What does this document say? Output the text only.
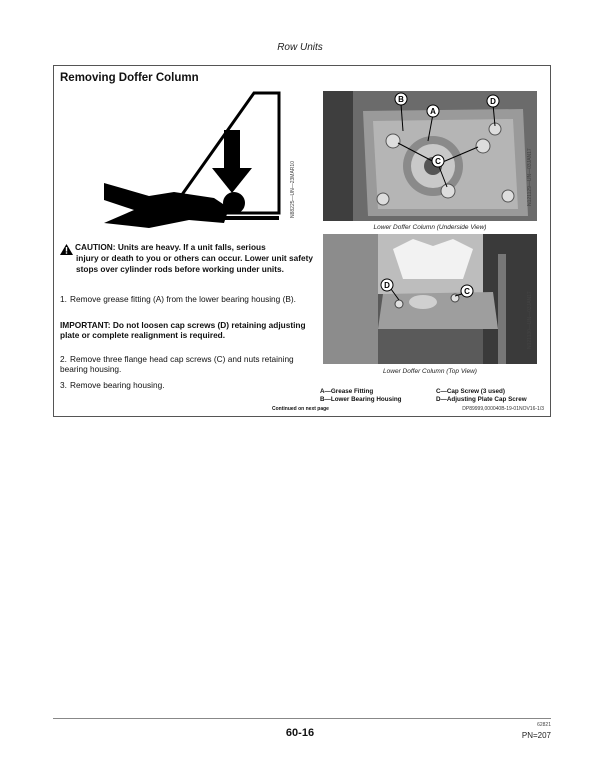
Row Units
Removing Doffer Column
N88225—UN—23MAR10
CAUTION: Units are heavy. If a unit falls, serious
injury or death to you or others can occur. Lower unit safety stops over cylinder rods before working under units.
1. Remove grease fitting (A) from the lower bearing housing (B).
IMPORTANT: Do not loosen cap screws (D) retaining adjusting plate or complete realignment is required.
2. Remove three flange head cap screws (C) and nuts retaining bearing housing.
3. Remove bearing housing.
B
A
D
C	N121129—UN—03JAN17
Lower Doffer Column (Underside View)
D
C	N121130—UN—03JAN17
Lower Doffer Column (Top View)
A—Grease Fitting
B—Lower Bearing Housing
C—Cap Screw (3 used)
D—Adjusting Plate Cap Screw
Continued on next page	DP89999,000040B-19-01NOV16-1/3
60-16
62821
PN=207
